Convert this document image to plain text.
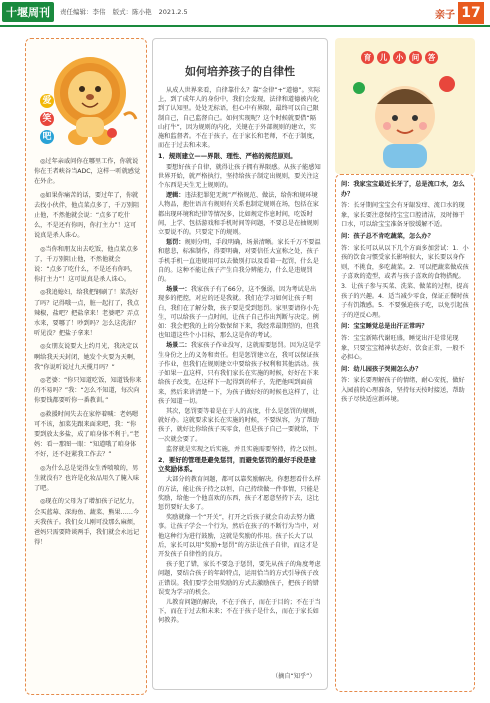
十堰周刊	责任编辑：李伟 版式：陈小艳 2021.2.5	亲子 17
爱
笑
吧

◎过年亲戚问你在哪里工作，你就说你在王者峡谷当ADC，这样一听就感觉在外企。

◎如果你痛苦的话，要过年了，你就去找小伙伴，他点菜点多了，千万别阻止他，不然他就会说：“点多了吃什么，不是还有你吗，你打主力”！这可说真是杀人诛心。

◎当你和朋友出去吃饭，他点菜点多了，千万别阻止他，不然他就会说：“点多了吃什么，不是还有你吗，你打主力”！这可说真是杀人诛心。

◎我追媳妇，给我把钢刷了！菜洗好了吗？记得哦一点，脏一起打了，我点辣椒，盐吧？把盐拿来！老婆吧？弄点水来，要哪了！吵到吗？怎么这洗油？听见没？把盐子拿来！

◎女朋友说要大上约月光，我决定以啊给我天天封闭，她发个火要为天啊，我“你说听说过九天揽月吗？”

◎老婆：“你只知道吃饭，知道钱你来的不易吗？”我：“怎么不知道，每次向你要钱都要听你一番教训。”

◎救援时间失去在家停着喊：老妈嗯可不该，加菜先跟来面来吧，我：“你要到放太多盐，成了咱身体不利于。”老妈：看一那图一眼：“知道哦了咱身体不好，还不赶紧我工作去？”

◎为什么总是觉得女生香喷喷的，男生就没有？也许是化妆品用久了腌入味了吧。

◎现在的父母为了增加孩子记忆力，会买蓝莓、深海鱼、蔬菜、熊果……今天我孩子。我们女儿刚可没那么麻烦，爸妈只需要降谈两手，我们就会永远记得！

如何培养孩子的自律性

从成人世界来看，自律靠什么？靠“金律”+“道德”。实际上，到了成年人的身份中，我们会发现，法律和道德被内化到了认知里。处处无标语，但心中有界限，最终可以自己限制自己，自己监督自己。如何实现呢？这个时候就要借“隔山打牛”，因为规则的内化，关键在于外部规则的建立，实施和监督者。不在于孩子，在于家长和老师，不在于制度，而在于过去和未来。

1．规则建立——界限、理性、严格的规范原则。

要想好孩子自律，就得让孩子拥有界限感。从孩子能感知世界开始，就严格执行，坚持给孩子制定出规则，要关注这个东西是天生无上规则的。

逻辑：违法犯罪犯无规”严格规范、做法，给你和规环境人物品，抱住语言有规则有关系也制定规则在场，包括在家都出现环境和纪律等情况多，比如规定作息时间，吃饭时间，上学、包括游戏和手机时间等问题，不要总是在抽规则立要说不的。只要定下的规则。

惩罚：规则分明，手段明确，场景清晰。家长千万不要温和慈悲，标准制作，得要明确，对要信任大宣称之处，孩子手机手机一直违规用可以去做别打以及看着一起罚，什么是自的。这种不能让孩子产生自我分辨能力，什么是违规罚的。

场景一：我家孩子有了66分，这不强弱，因为考试是出现多的把控，对应的还是我就。我们在学习如何让孩子明白，我们在了解分数，孩子要是受到惩罚。家里要请你小先生，可以给孩子一点时间，让孩子自己作出判断与决定。例如：我会把我的上的分数保留下来，我经常最期望的，但我也知道这些个小目标，那么这是你的考试。

场景二：我家孩子作业没写，这就需要惩罚。因为这是学生身份之上的义务和责任。但是惩罚建立在，我可以保证孩子作业，但我们在规则建立中要给孩子权利和其他活动。孩子如果一直这样，只有我们家长在实施的时候，好好在下来给孩子改变，在这样下一起得到的样子，先把他叫到面前来，然后来讲清楚一下，为孩子做好好的时候也这样了，让孩子知道一切。

其次，惩罚要等着是在于人的高度，什么是惩罚的规则，就好办。这就要求家长在实施的时候，不要纵容，为了帮助孩子，就好比你给孩子买零食，但是孩子自己一要就给，下一次就会要了。

监督就是实现之后实施，并且实施需要坚持，持之以恒。

2．要好的管理是避免惩罚，而避免惩罚的最好手段是建立奖励体系。

大部分的教育问题，都可以靠奖励解决。你想想看什么样的方法，能让孩子持之以恒，自己持续做一件事情，只能是奖励，给他一个他喜欢的东西，孩子才愿意坚持下去，这比惩罚要好太多了。

奖励就像一个“开关”，打开之后孩子就会自动去努力做事。让孩子学会一个行为，然后在孩子的不断行为当中，对他这种行为进行鼓励，这就是奖励的作用。孩子长大了以后，家长可以用“奖励+惩罚”的方法让孩子自律，而这才是开发孩子自律性的良方。

孩子犯了错，家长不要急于惩罚，要先从孩子的角度考虑问题，要结合孩子的年龄特点，运用恰当的方式引导孩子改正错误。我们要学会用奖励的方式去激励孩子，把孩子的错误变为学习的机会。

儿教育问题的解决，不在于孩子，而在于目的；不在于当下，而在于过去和未来；不在于孩子是什么，而在于家长如何教养。

（摘自“知乎”）
育	儿	小	问	答

问：我家宝宝最近长牙了，总是流口水，怎么办？

答：长牙期间宝宝会有牙龈发痒、流口水的现象，家长要注意保持宝宝口腔清洁，及时擦干口水，可以给宝宝准备牙胶缓解不适。

问：孩子总不肯吃蔬菜，怎么办？

答：家长可以从以下几个方面多加尝试：1．小孩的饮食习惯受家长影响很大，家长要以身作则，不挑食，多吃蔬菜。2．可以把蔬菜做成孩子喜欢的造型，或者与孩子喜欢的食物搭配。3．让孩子参与买菜、洗菜、做菜的过程，提高孩子的兴趣。4．适当减少零食，保证正餐时孩子有饥饿感。5．不要强迫孩子吃，以免引起孩子的逆反心理。

问：宝宝睡觉总是出汗正常吗？

答：宝宝新陈代谢旺盛，睡觉出汗是常见现象，只要宝宝精神状态好、饮食正常，一般不必担心。

问：幼儿园孩子哭闹怎么办？

答：家长要理解孩子的情绪，耐心安抚，做好入园前的心理准备，坚持每天按时接送，帮助孩子尽快适应新环境。
